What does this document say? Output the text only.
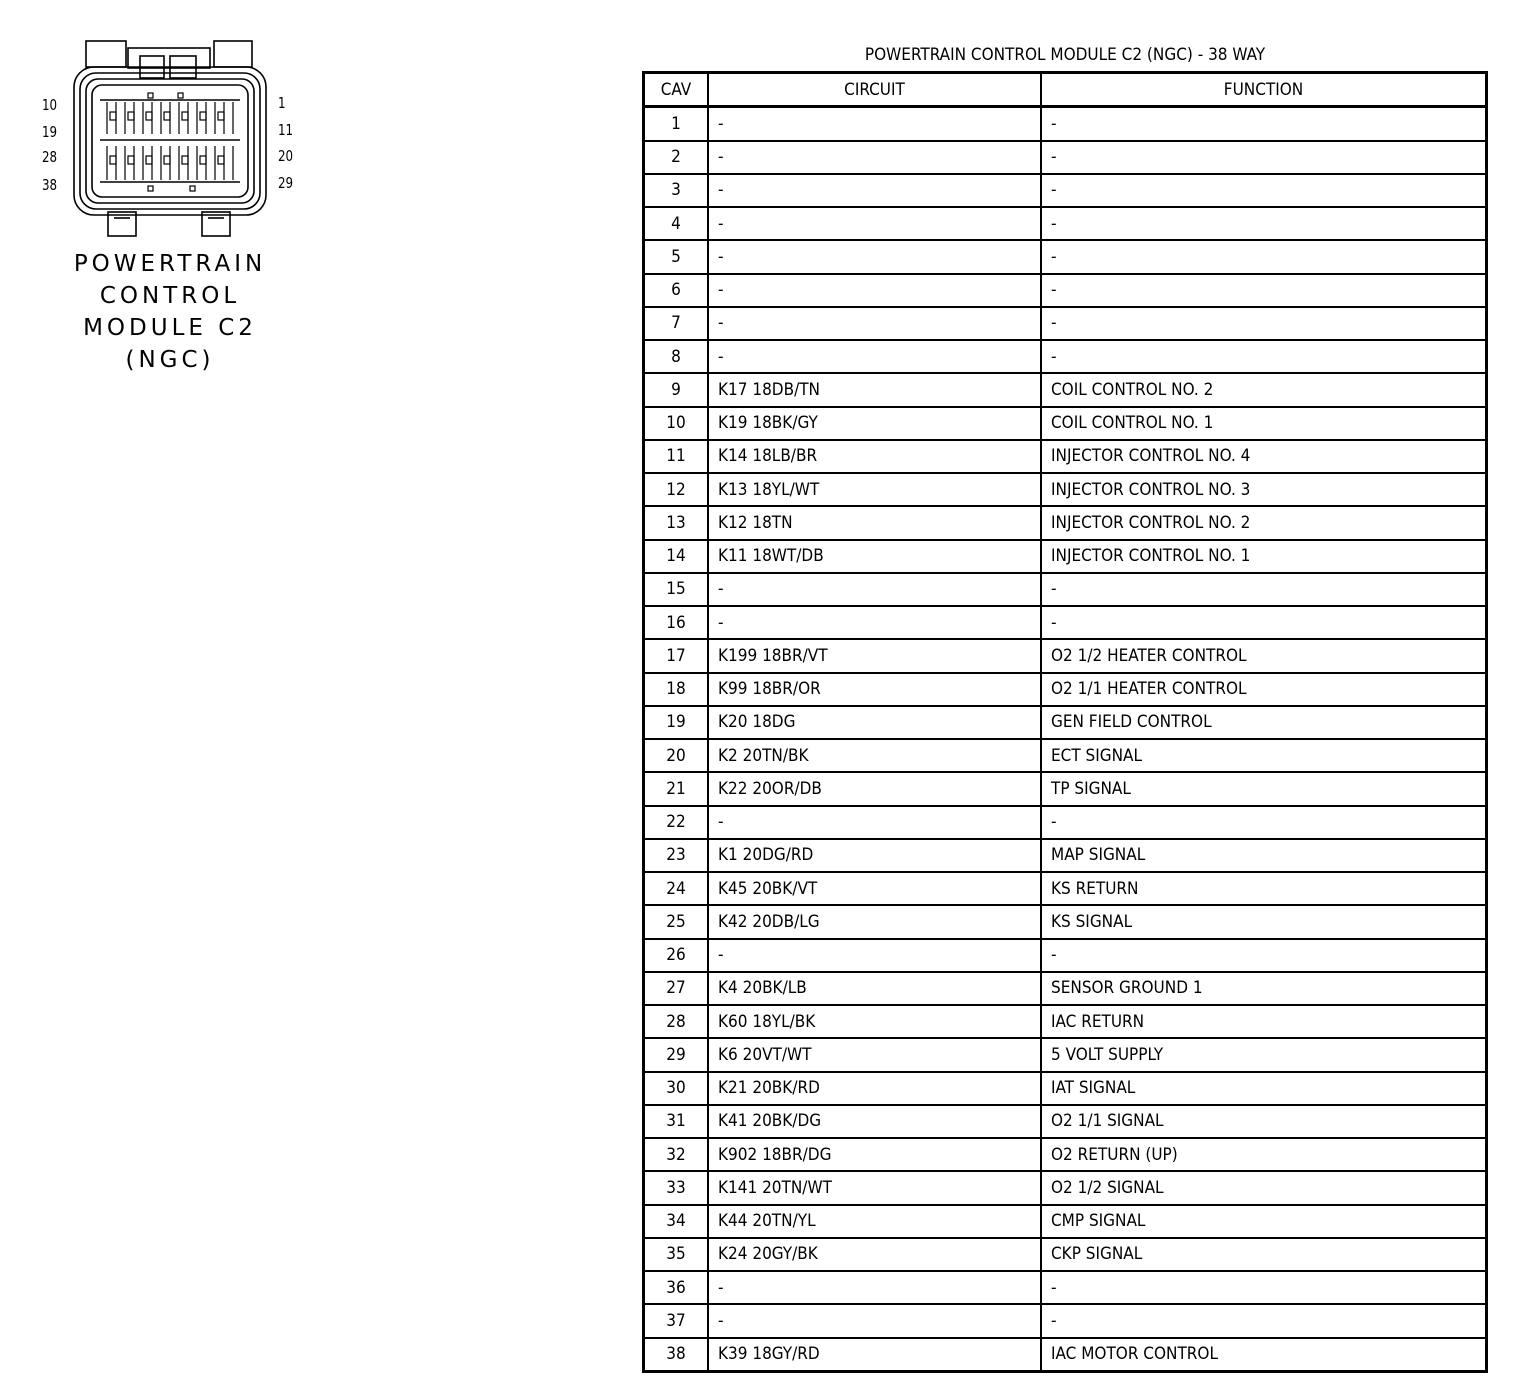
10
19
28
38
1
11
20
29
POWERTRAIN
CONTROL
MODULE C2
(NGC)
POWERTRAIN CONTROL MODULE C2 (NGC) - 38 WAY
CAV	CIRCUIT	FUNCTION
1	-	-
2	-	-
3	-	-
4	-	-
5	-	-
6	-	-
7	-	-
8	-	-
9	K17 18DB/TN	COIL CONTROL NO. 2
10	K19 18BK/GY	COIL CONTROL NO. 1
11	K14 18LB/BR	INJECTOR CONTROL NO. 4
12	K13 18YL/WT	INJECTOR CONTROL NO. 3
13	K12 18TN	INJECTOR CONTROL NO. 2
14	K11 18WT/DB	INJECTOR CONTROL NO. 1
15	-	-
16	-	-
17	K199 18BR/VT	O2 1/2 HEATER CONTROL
18	K99 18BR/OR	O2 1/1 HEATER CONTROL
19	K20 18DG	GEN FIELD CONTROL
20	K2 20TN/BK	ECT SIGNAL
21	K22 20OR/DB	TP SIGNAL
22	-	-
23	K1 20DG/RD	MAP SIGNAL
24	K45 20BK/VT	KS RETURN
25	K42 20DB/LG	KS SIGNAL
26	-	-
27	K4 20BK/LB	SENSOR GROUND 1
28	K60 18YL/BK	IAC RETURN
29	K6 20VT/WT	5 VOLT SUPPLY
30	K21 20BK/RD	IAT SIGNAL
31	K41 20BK/DG	O2 1/1 SIGNAL
32	K902 18BR/DG	O2 RETURN (UP)
33	K141 20TN/WT	O2 1/2 SIGNAL
34	K44 20TN/YL	CMP SIGNAL
35	K24 20GY/BK	CKP SIGNAL
36	-	-
37	-	-
38	K39 18GY/RD	IAC MOTOR CONTROL
